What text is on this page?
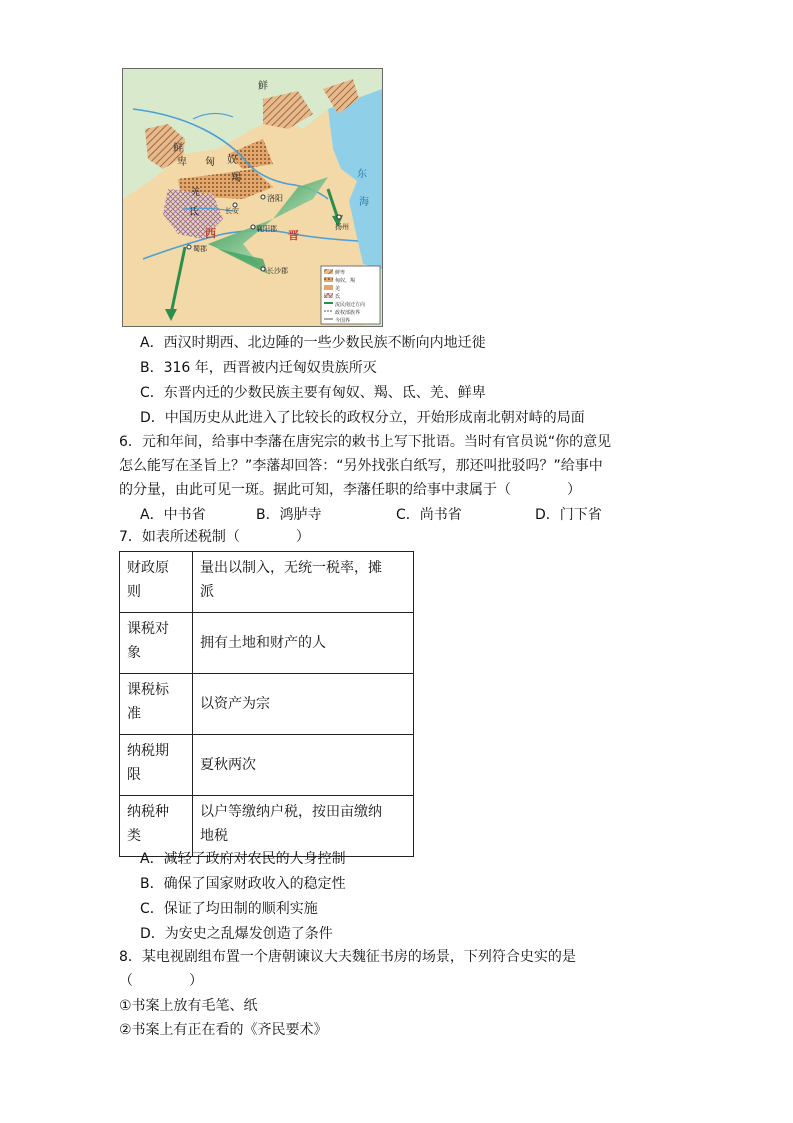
鲜
匈 奴
羯
鲜
卑
羌
氐
洛阳
长安
襄阳郡
蜀郡
长沙郡
扬州
西	晋
东
海
鲜卑
匈奴、羯
羌
氐
流民南迁方向
政权部族界
今国界
A．西汉时期西、北边陲的一些少数民族不断向内地迁徙
B．316 年，西晋被内迁匈奴贵族所灭
C．东晋内迁的少数民族主要有匈奴、羯、氐、羌、鲜卑
D．中国历史从此进入了比较长的政权分立，开始形成南北朝对峙的局面
6．元和年间，给事中李藩在唐宪宗的敕书上写下批语。当时有官员说“你的意见
怎么能写在圣旨上？”李藩却回答：“另外找张白纸写，那还叫批驳吗？”给事中
的分量，由此可见一斑。据此可知，李藩任职的给事中隶属于（	）
A．中书省	B．鸿胪寺	C．尚书省	D．门下省
7．如表所述税制（	）
财政原
则	量出以制入，无统一税率，摊
派
课税对
象	拥有土地和财产的人
课税标
准	以资产为宗
纳税期
限	夏秋两次
纳税种
类	以户等缴纳户税，按田亩缴纳
地税
A．减轻了政府对农民的人身控制
B．确保了国家财政收入的稳定性
C．保证了均田制的顺利实施
D．为安史之乱爆发创造了条件
8．某电视剧组布置一个唐朝谏议大夫魏征书房的场景，下列符合史实的是
（	）
①书案上放有毛笔、纸
②书案上有正在看的《齐民要术》
